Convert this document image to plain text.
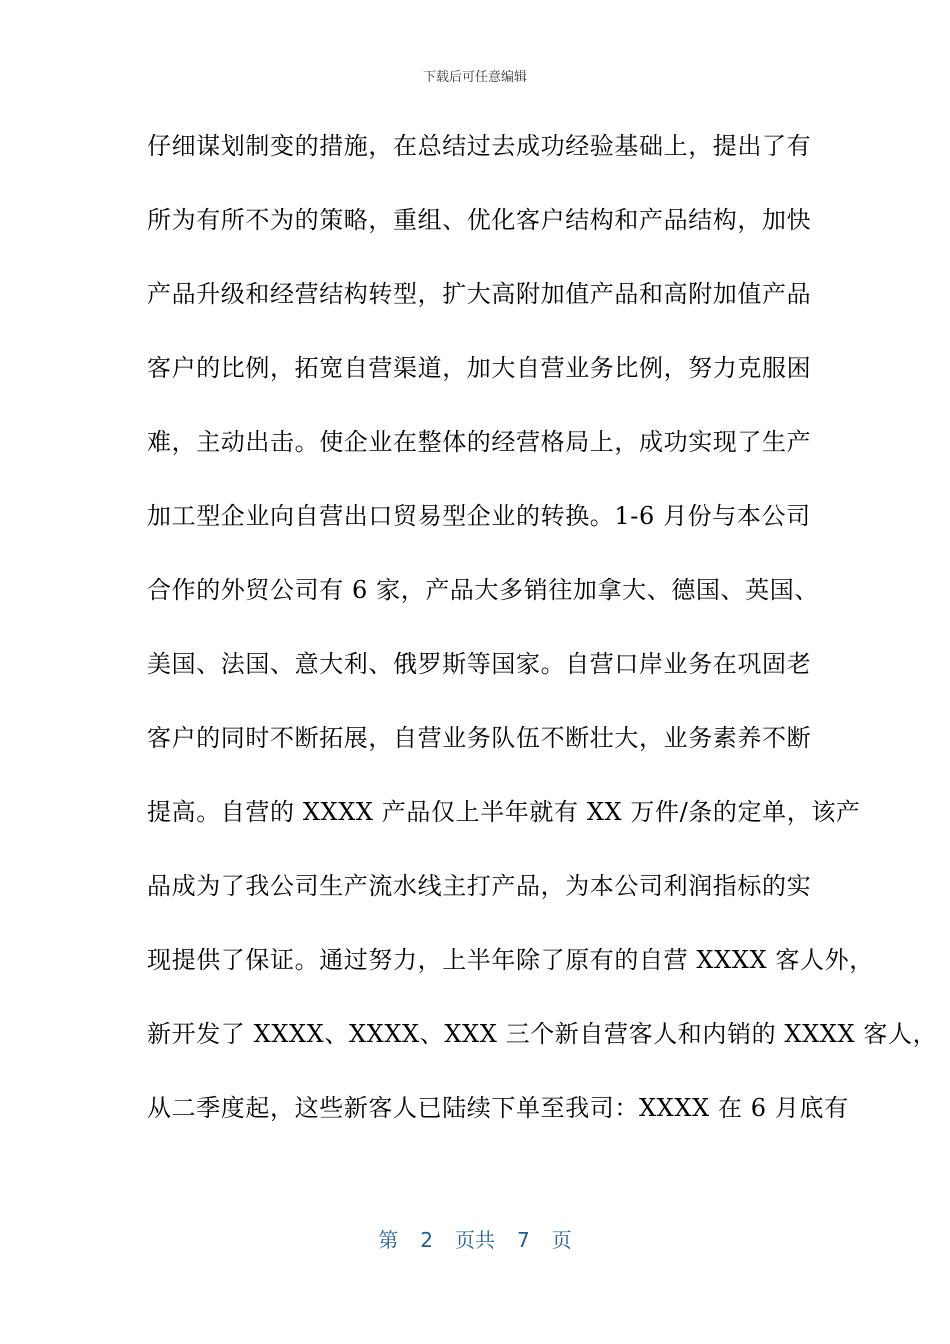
下载后可任意编辑
仔细谋划制变的措施，在总结过去成功经验基础上，提出了有
所为有所不为的策略，重组、优化客户结构和产品结构，加快
产品升级和经营结构转型，扩大高附加值产品和高附加值产品
客户的比例，拓宽自营渠道，加大自营业务比例，努力克服困
难，主动出击。使企业在整体的经营格局上，成功实现了生产
加工型企业向自营出口贸易型企业的转换。1-6 月份与本公司
合作的外贸公司有 6 家，产品大多销往加拿大、德国、英国、
美国、法国、意大利、俄罗斯等国家。自营口岸业务在巩固老
客户的同时不断拓展，自营业务队伍不断壮大，业务素养不断
提高。自营的 XXXX 产品仅上半年就有 XX 万件/条的定单，该产
品成为了我公司生产流水线主打产品，为本公司利润指标的实
现提供了保证。通过努力，上半年除了原有的自营 XXXX 客人外，
新开发了 XXXX、XXXX、XXX 三个新自营客人和内销的 XXXX 客人，
从二季度起，这些新客人已陆续下单至我司：XXXX 在 6 月底有
第 2 页共 7 页
